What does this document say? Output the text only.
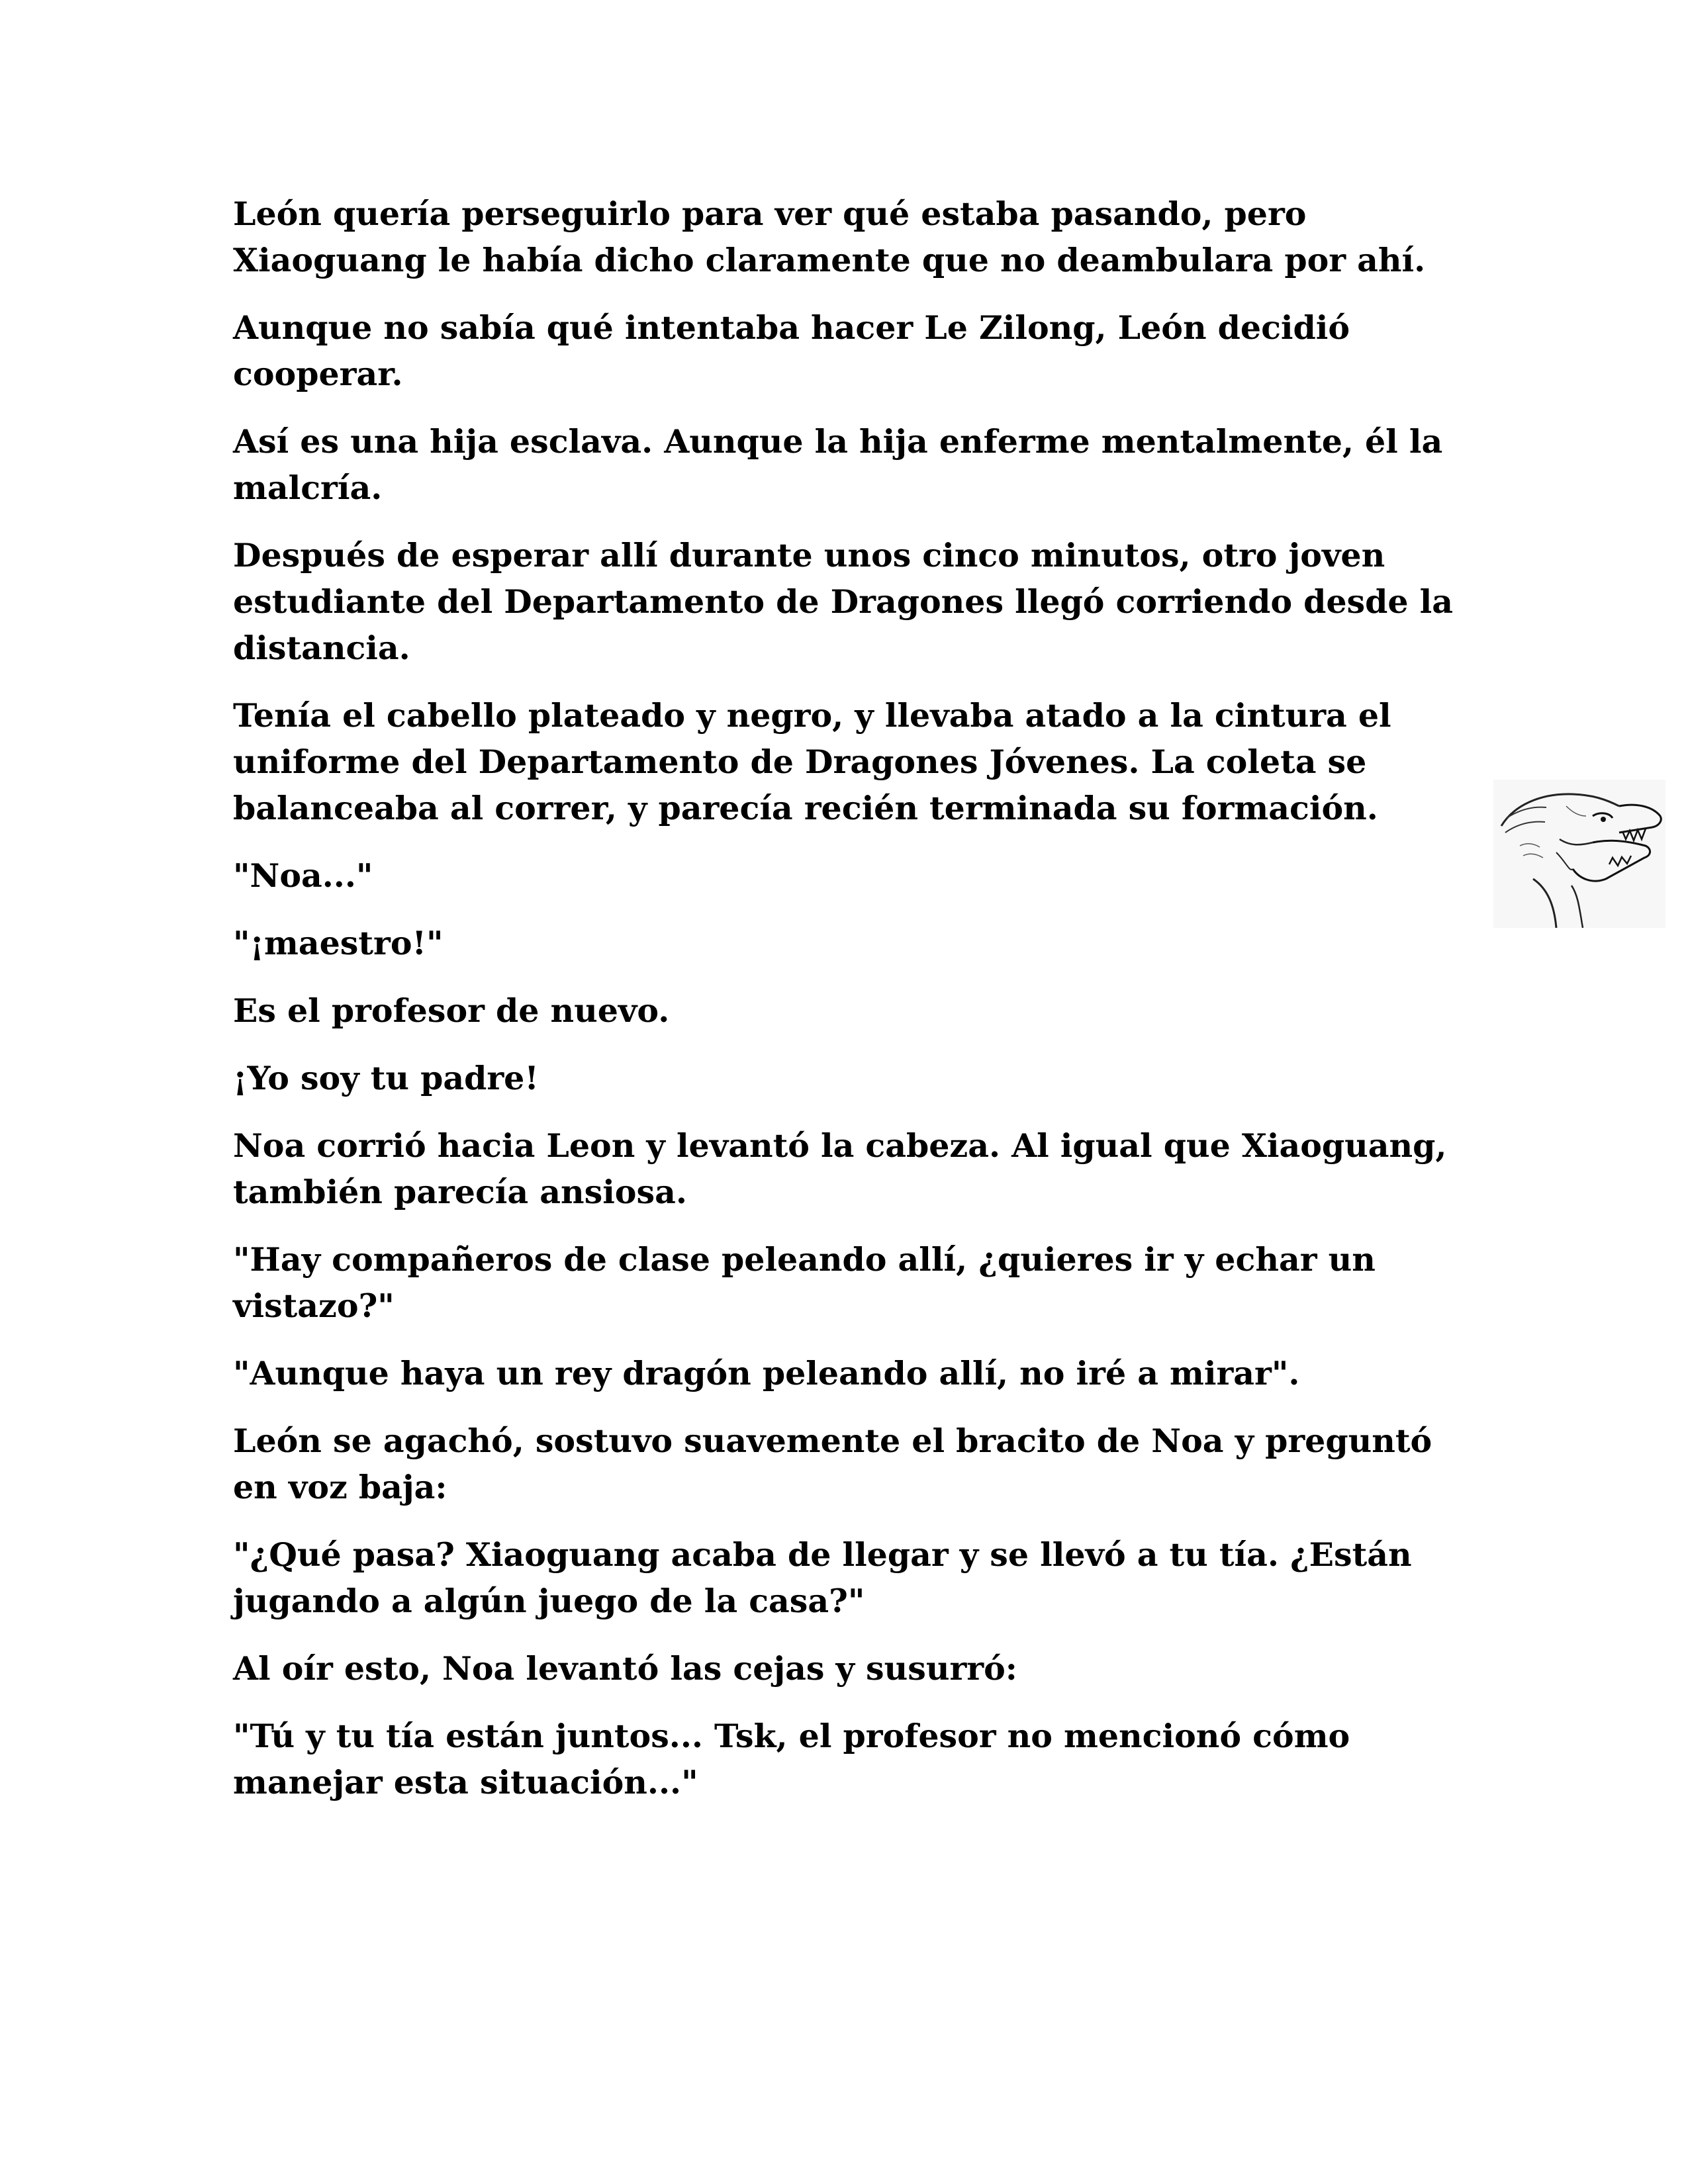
León quería perseguirlo para ver qué estaba pasando, pero Xiaoguang le había dicho claramente que no deambulara por ahí.

Aunque no sabía qué intentaba hacer Le Zilong, León decidió cooperar.

Así es una hija esclava. Aunque la hija enferme mentalmente, él la malcría.

Después de esperar allí durante unos cinco minutos, otro joven estudiante del Departamento de Dragones llegó corriendo desde la distancia.

Tenía el cabello plateado y negro, y llevaba atado a la cintura el uniforme del Departamento de Dragones Jóvenes. La coleta se balanceaba al correr, y parecía recién terminada su formación.

"Noa..."

"¡maestro!"

Es el profesor de nuevo.

¡Yo soy tu padre!

Noa corrió hacia Leon y levantó la cabeza. Al igual que Xiaoguang, también parecía ansiosa.

"Hay compañeros de clase peleando allí, ¿quieres ir y echar un vistazo?"

"Aunque haya un rey dragón peleando allí, no iré a mirar".

León se agachó, sostuvo suavemente el bracito de Noa y preguntó en voz baja:

"¿Qué pasa? Xiaoguang acaba de llegar y se llevó a tu tía. ¿Están jugando a algún juego de la casa?"

Al oír esto, Noa levantó las cejas y susurró:

"Tú y tu tía están juntos... Tsk, el profesor no mencionó cómo manejar esta situación..."
